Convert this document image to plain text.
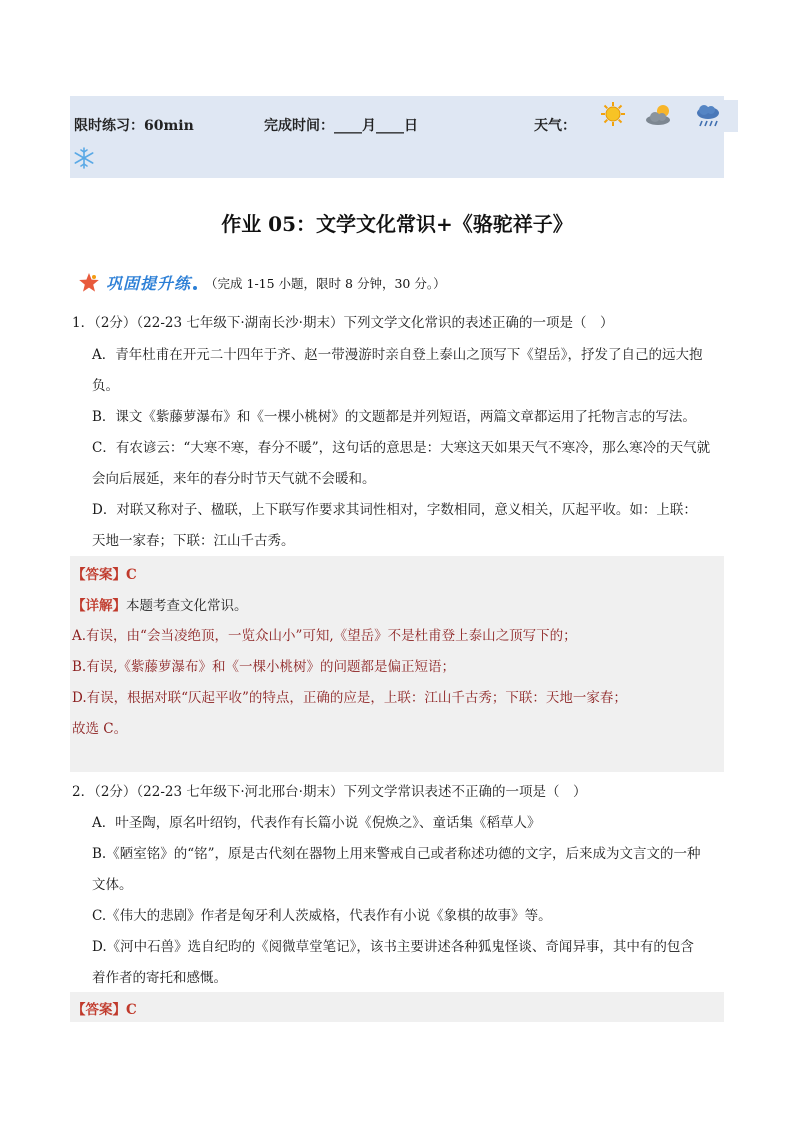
限时练习：60min	完成时间：____月____日	天气：
作业 05：文学文化常识+《骆驼祥子》
巩固提升练 （完成 1-15 小题，限时 8 分钟，30 分。）
1．（2分）（22-23 七年级下·湖南长沙·期末）下列文学文化常识的表述正确的一项是（　）
A．青年杜甫在开元二十四年于齐、赵一带漫游时亲自登上泰山之顶写下《望岳》，抒发了自己的远大抱
负。
B．课文《紫藤萝瀑布》和《一棵小桃树》的文题都是并列短语，两篇文章都运用了托物言志的写法。
C．有农谚云：“大寒不寒，春分不暖”，这句话的意思是：大寒这天如果天气不寒冷，那么寒冷的天气就
会向后展延，来年的春分时节天气就不会暖和。
D．对联又称对子、楹联，上下联写作要求其词性相对，字数相同，意义相关，仄起平收。如：上联：
天地一家春；下联：江山千古秀。
【答案】C
【详解】本题考查文化常识。
A.有误，由“会当凌绝顶，一览众山小”可知,《望岳》不是杜甫登上泰山之顶写下的；
B.有误,《紫藤萝瀑布》和《一棵小桃树》的问题都是偏正短语；
D.有误，根据对联“仄起平收”的特点，正确的应是，上联：江山千古秀；下联：天地一家春；
故选 C。
2．（2分）（22-23 七年级下·河北邢台·期末）下列文学常识表述不正确的一项是（　）
A．叶圣陶，原名叶绍钧，代表作有长篇小说《倪焕之》、童话集《稻草人》
B.《陋室铭》的“铭”，原是古代刻在器物上用来警戒自己或者称述功德的文字，后来成为文言文的一种
文体。
C.《伟大的悲剧》作者是匈牙利人茨威格，代表作有小说《象棋的故事》等。
D.《河中石兽》选自纪昀的《阅微草堂笔记》，该书主要讲述各种狐鬼怪谈、奇闻异事，其中有的包含
着作者的寄托和感慨。
【答案】C
